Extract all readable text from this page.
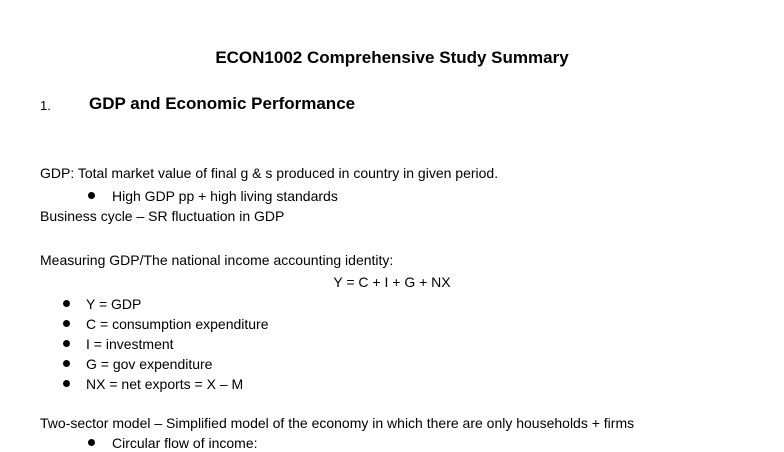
ECON1002 Comprehensive Study Summary
1. GDP and Economic Performance
GDP: Total market value of final g & s produced in country in given period.
High GDP pp + high living standards
Business cycle – SR fluctuation in GDP
Measuring GDP/The national income accounting identity:
Y = C + I + G + NX
Y = GDP
C = consumption expenditure
I = investment
G = gov expenditure
NX = net exports = X – M
Two-sector model – Simplified model of the economy in which there are only households + firms
Circular flow of income:
